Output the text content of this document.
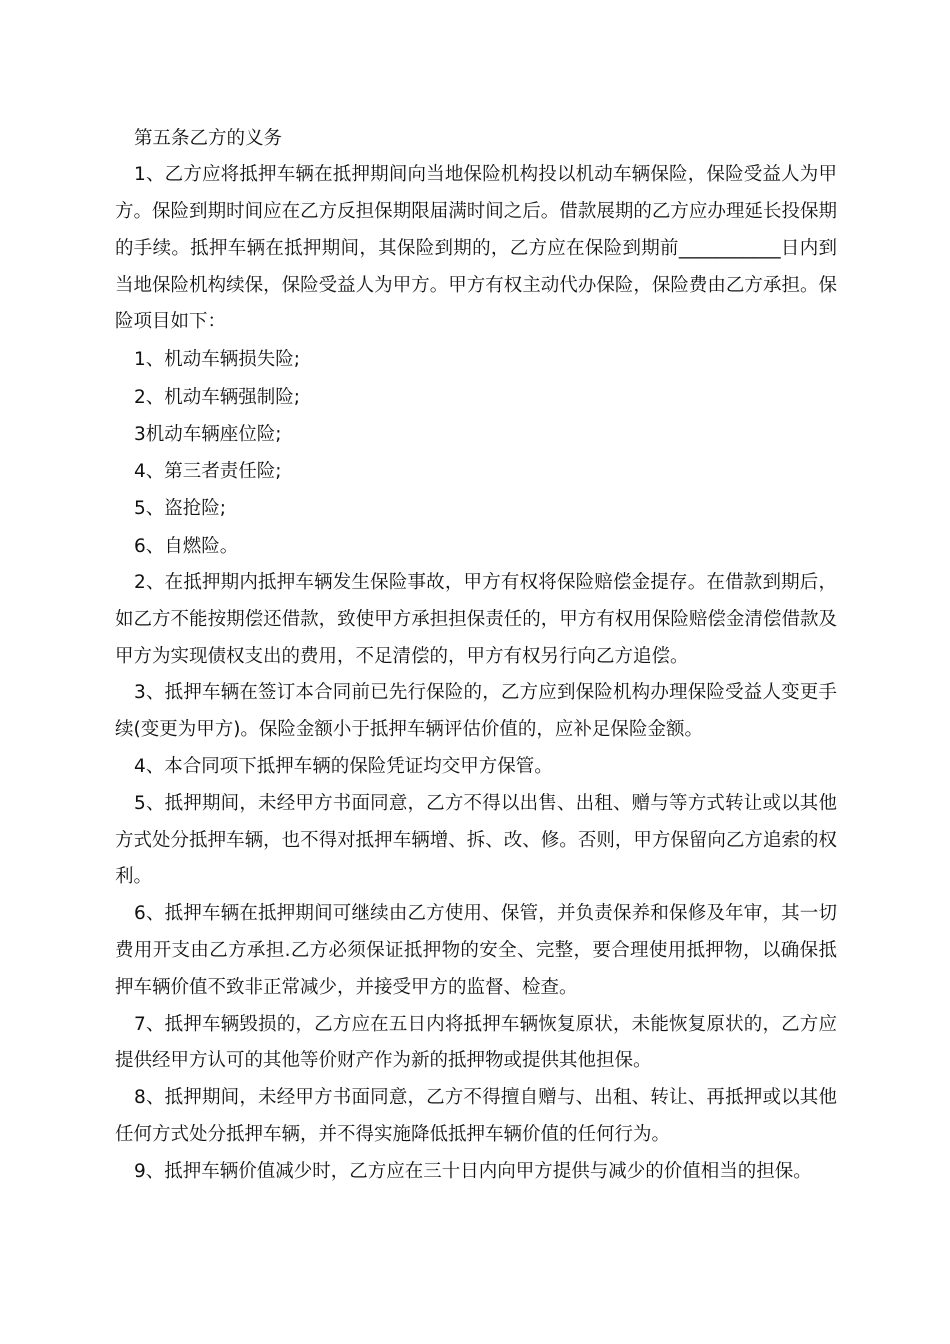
第五条乙方的义务

1、乙方应将抵押车辆在抵押期间向当地保险机构投以机动车辆保险，保险受益人为甲方。保险到期时间应在乙方反担保期限届满时间之后。借款展期的乙方应办理延长投保期的手续。抵押车辆在抵押期间，其保险到期的，乙方应在保险到期前___________日内到当地保险机构续保，保险受益人为甲方。甲方有权主动代办保险，保险费由乙方承担。保险项目如下：

1、机动车辆损失险;

2、机动车辆强制险;

3机动车辆座位险;

4、第三者责任险;

5、盗抢险;

6、自燃险。

2、在抵押期内抵押车辆发生保险事故，甲方有权将保险赔偿金提存。在借款到期后，如乙方不能按期偿还借款，致使甲方承担担保责任的，甲方有权用保险赔偿金清偿借款及甲方为实现债权支出的费用，不足清偿的，甲方有权另行向乙方追偿。

3、抵押车辆在签订本合同前已先行保险的，乙方应到保险机构办理保险受益人变更手续(变更为甲方)。保险金额小于抵押车辆评估价值的，应补足保险金额。

4、本合同项下抵押车辆的保险凭证均交甲方保管。

5、抵押期间，未经甲方书面同意，乙方不得以出售、出租、赠与等方式转让或以其他方式处分抵押车辆，也不得对抵押车辆增、拆、改、修。否则，甲方保留向乙方追索的权利。

6、抵押车辆在抵押期间可继续由乙方使用、保管，并负责保养和保修及年审，其一切费用开支由乙方承担.乙方必须保证抵押物的安全、完整，要合理使用抵押物，以确保抵押车辆价值不致非正常减少，并接受甲方的监督、检查。

7、抵押车辆毁损的，乙方应在五日内将抵押车辆恢复原状，未能恢复原状的，乙方应提供经甲方认可的其他等价财产作为新的抵押物或提供其他担保。

8、抵押期间，未经甲方书面同意，乙方不得擅自赠与、出租、转让、再抵押或以其他任何方式处分抵押车辆，并不得实施降低抵押车辆价值的任何行为。

9、抵押车辆价值减少时，乙方应在三十日内向甲方提供与减少的价值相当的担保。
